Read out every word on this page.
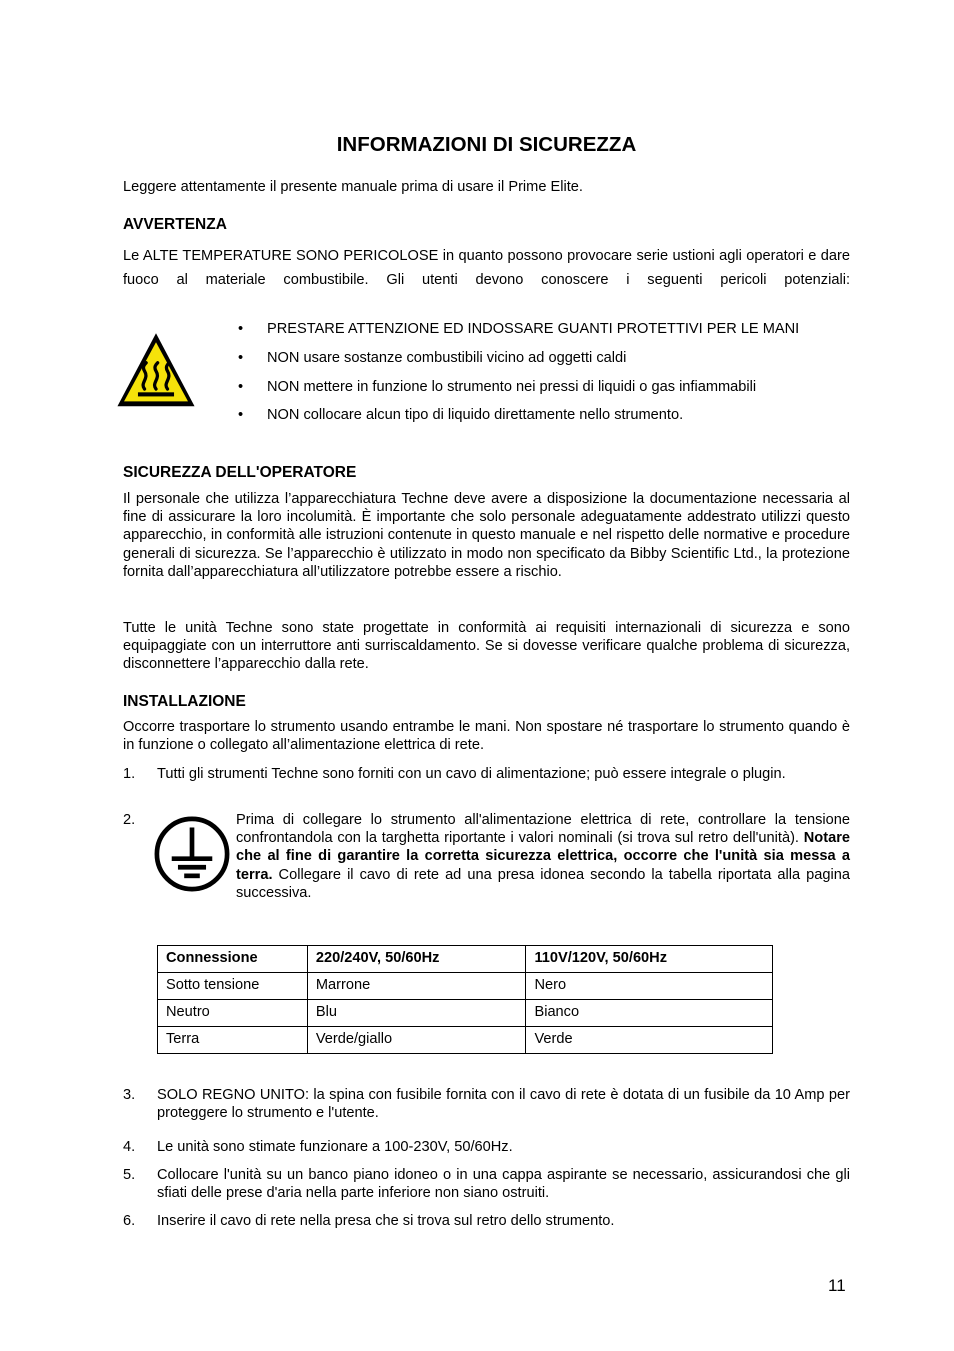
INFORMAZIONI DI SICUREZZA

Leggere attentamente il presente manuale prima di usare il Prime Elite.

AVVERTENZA

Le ALTE TEMPERATURE SONO PERICOLOSE in quanto possono provocare serie ustioni agli operatori e dare fuoco al materiale combustibile. Gli utenti devono conoscere i seguenti pericoli potenziali:

• PRESTARE ATTENZIONE ED INDOSSARE GUANTI PROTETTIVI PER LE MANI
• NON usare sostanze combustibili vicino ad oggetti caldi
• NON mettere in funzione lo strumento nei pressi di liquidi o gas infiammabili
• NON collocare alcun tipo di liquido direttamente nello strumento.
SICUREZZA DELL'OPERATORE

Il personale che utilizza l’apparecchiatura Techne deve avere a disposizione la documentazione necessaria al fine di assicurare la loro incolumità. È importante che solo personale adeguatamente addestrato utilizzi questo apparecchio, in conformità alle istruzioni contenute in questo manuale e nel rispetto delle normative e procedure generali di sicurezza. Se l’apparecchio è utilizzato in modo non specificato da Bibby Scientific Ltd., la protezione fornita dall’apparecchiatura all’utilizzatore potrebbe essere a rischio.

Tutte le unità Techne sono state progettate in conformità ai requisiti internazionali di sicurezza e sono equipaggiate con un interruttore anti surriscaldamento. Se si dovesse verificare qualche problema di sicurezza, disconnettere l’apparecchio dalla rete.

INSTALLAZIONE

Occorre trasportare lo strumento usando entrambe le mani. Non spostare né trasportare lo strumento quando è in funzione o collegato all’alimentazione elettrica di rete.

1. Tutti gli strumenti Techne sono forniti con un cavo di alimentazione; può essere integrale o plugin.
2.	Prima di collegare lo strumento all'alimentazione elettrica di rete, controllare la tensione confrontandola con la targhetta riportante i valori nominali (si trova sul retro dell'unità). Notare che al fine di garantire la corretta sicurezza elettrica, occorre che l'unità sia messa a terra. Collegare il cavo di rete ad una presa idonea secondo la tabella riportata alla pagina successiva.

Connessione	220/240V, 50/60Hz	110V/120V, 50/60Hz
Sotto tensione	Marrone	Nero
Neutro	Blu	Bianco
Terra	Verde/giallo	Verde
3. SOLO REGNO UNITO: la spina con fusibile fornita con il cavo di rete è dotata di un fusibile da 10 Amp per proteggere lo strumento e l'utente.
4. Le unità sono stimate funzionare a 100-230V, 50/60Hz.
5. Collocare l'unità su un banco piano idoneo o in una cappa aspirante se necessario, assicurandosi che gli sfiati delle prese d'aria nella parte inferiore non siano ostruiti.
6. Inserire il cavo di rete nella presa che si trova sul retro dello strumento.
11
